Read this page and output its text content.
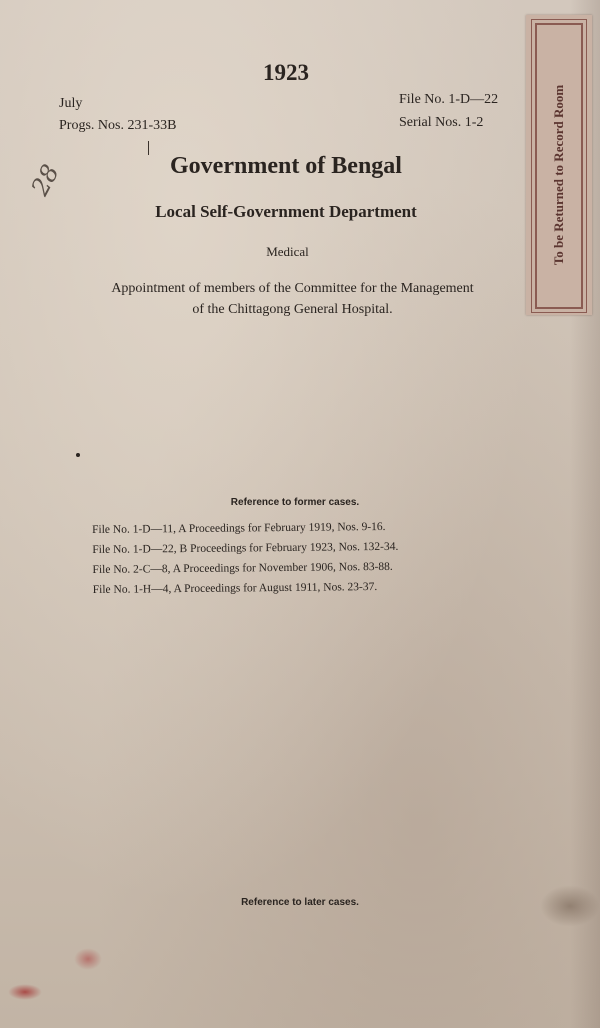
1923
July
Progs. Nos. 231-33B
File No. 1-D—22
Serial Nos. 1-2
28	Government of Bengal
Local Self-Government Department
Medical
Appointment of members of the Committee for the Management
of the Chittagong General Hospital.
To be Returned to Record Room
Reference to former cases.
File No. 1-D—11, A Proceedings for February 1919, Nos. 9-16.
File No. 1-D—22, B Proceedings for February 1923, Nos. 132-34.
File No. 2-C—8, A Proceedings for November 1906, Nos. 83-88.
File No. 1-H—4, A Proceedings for August 1911, Nos. 23-37.
Reference to later cases.
